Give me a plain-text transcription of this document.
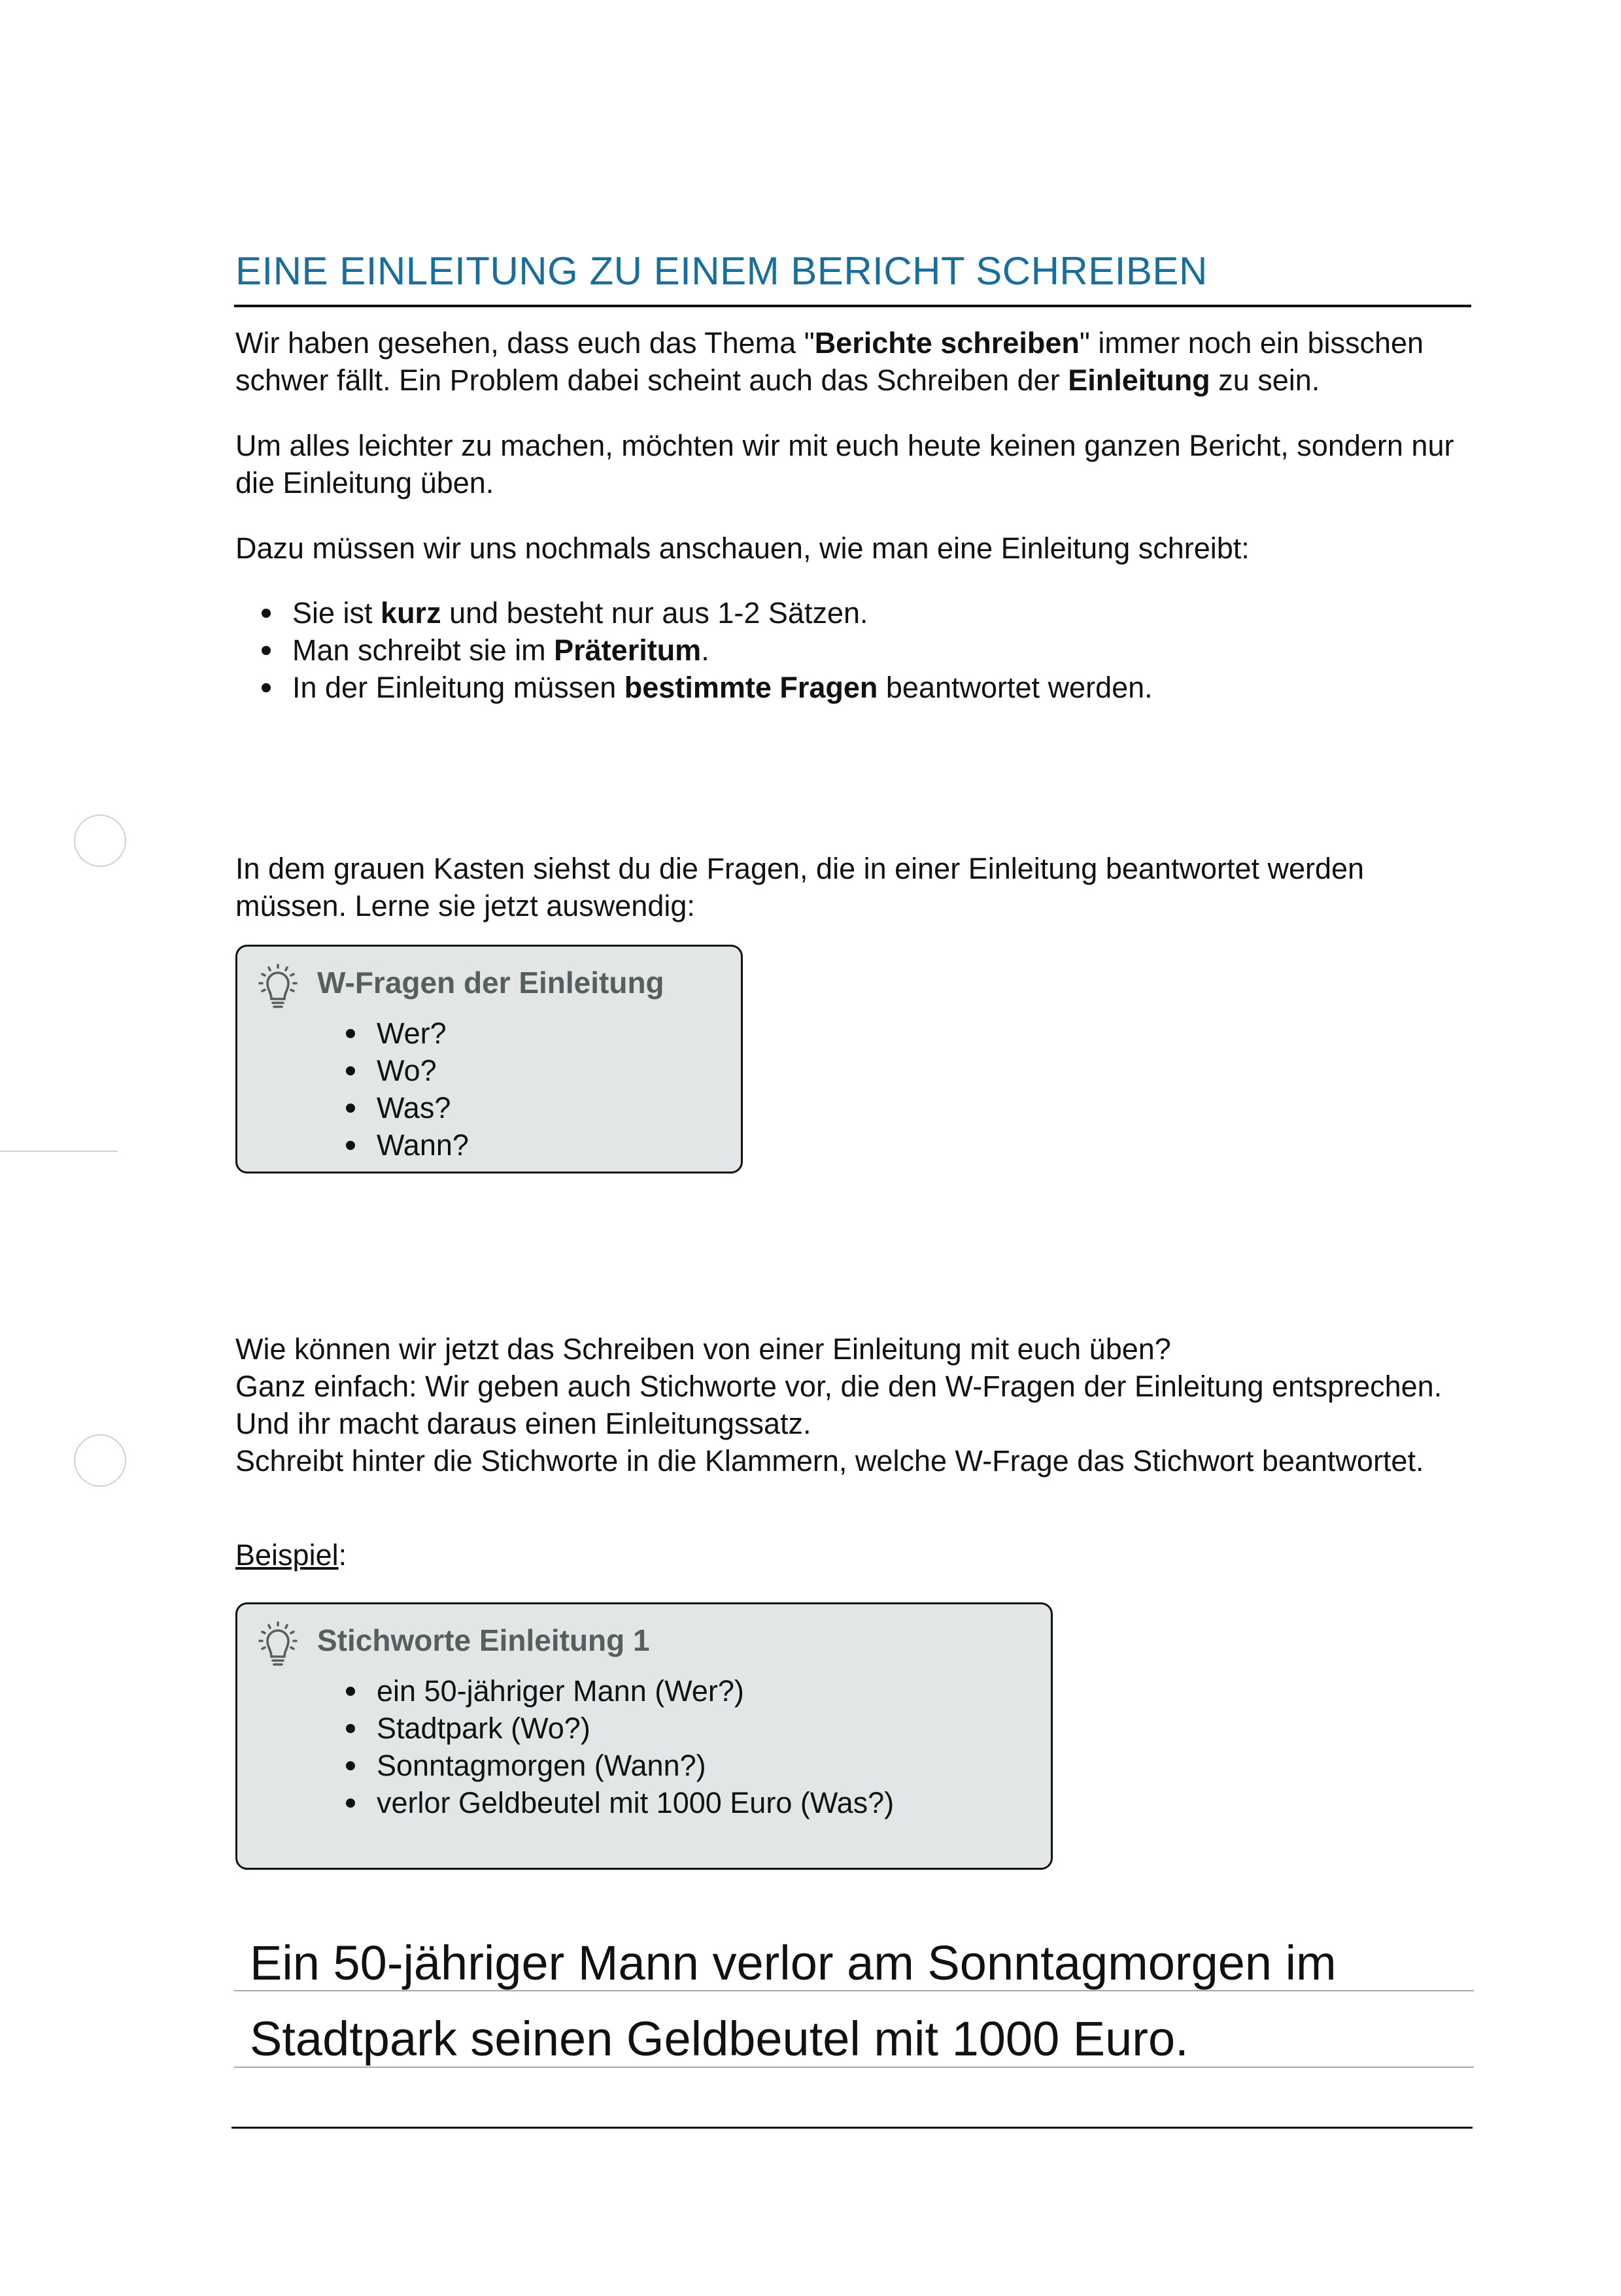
EINE EINLEITUNG ZU EINEM BERICHT SCHREIBEN
Wir haben gesehen, dass euch das Thema "Berichte schreiben" immer noch ein bisschen schwer fällt. Ein Problem dabei scheint auch das Schreiben der Einleitung zu sein.
Um alles leichter zu machen, möchten wir mit euch heute keinen ganzen Bericht, sondern nur die Einleitung üben.
Dazu müssen wir uns nochmals anschauen, wie man eine Einleitung schreibt:
Sie ist kurz und besteht nur aus 1-2 Sätzen.
Man schreibt sie im Präteritum.
In der Einleitung müssen bestimmte Fragen beantwortet werden.
In dem grauen Kasten siehst du die Fragen, die in einer Einleitung beantwortet werden müssen. Lerne sie jetzt auswendig:
W-Fragen der Einleitung
Wer?
Wo?
Was?
Wann?
Wie können wir jetzt das Schreiben von einer Einleitung mit euch üben?
Ganz einfach: Wir geben auch Stichworte vor, die den W-Fragen der Einleitung entsprechen.
Und ihr macht daraus einen Einleitungssatz.
Schreibt hinter die Stichworte in die Klammern, welche W-Frage das Stichwort beantwortet.
Beispiel:
Stichworte Einleitung 1
ein 50-jähriger Mann (Wer?)
Stadtpark (Wo?)
Sonntagmorgen (Wann?)
verlor Geldbeutel mit 1000 Euro (Was?)
Ein 50-jähriger Mann verlor am Sonntagmorgen im
Stadtpark seinen Geldbeutel mit 1000 Euro.
